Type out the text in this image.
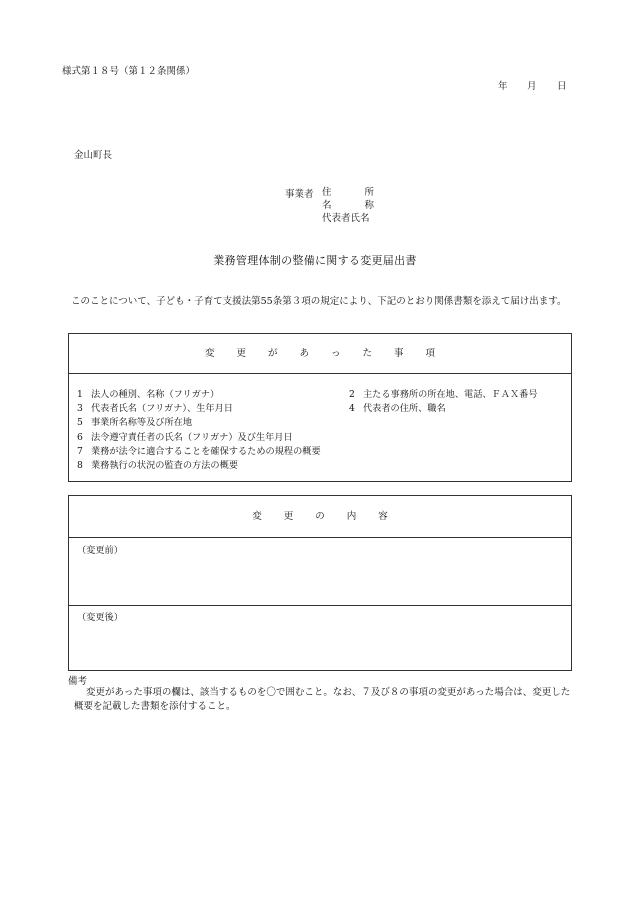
様式第１８号（第１２条関係）
年 月 日
金山町長
事業者 住	所
名	称
代表者氏名
業務管理体制の整備に関する変更届出書
このことについて、子ども・子育て支援法第55条第３項の規定により、下記のとおり関係書類を添えて届け出ます。
変更があった事項
1 法人の種別、名称（フリガナ）	2 主たる事務所の所在地、電話、ＦＡＸ番号
3 代表者氏名（フリガナ）、生年月日	4 代表者の住所、職名
5 事業所名称等及び所在地
6 法令遵守責任者の氏名（フリガナ）及び生年月日
7 業務が法令に適合することを確保するための規程の概要
8 業務執行の状況の監査の方法の概要
変更の内容
（変更前）
（変更後）
備考
変更があった事項の欄は、該当するものを〇で囲むこと。なお、７及び８の事項の変更があった場合は、変更した概要を記載した書類を添付すること。
